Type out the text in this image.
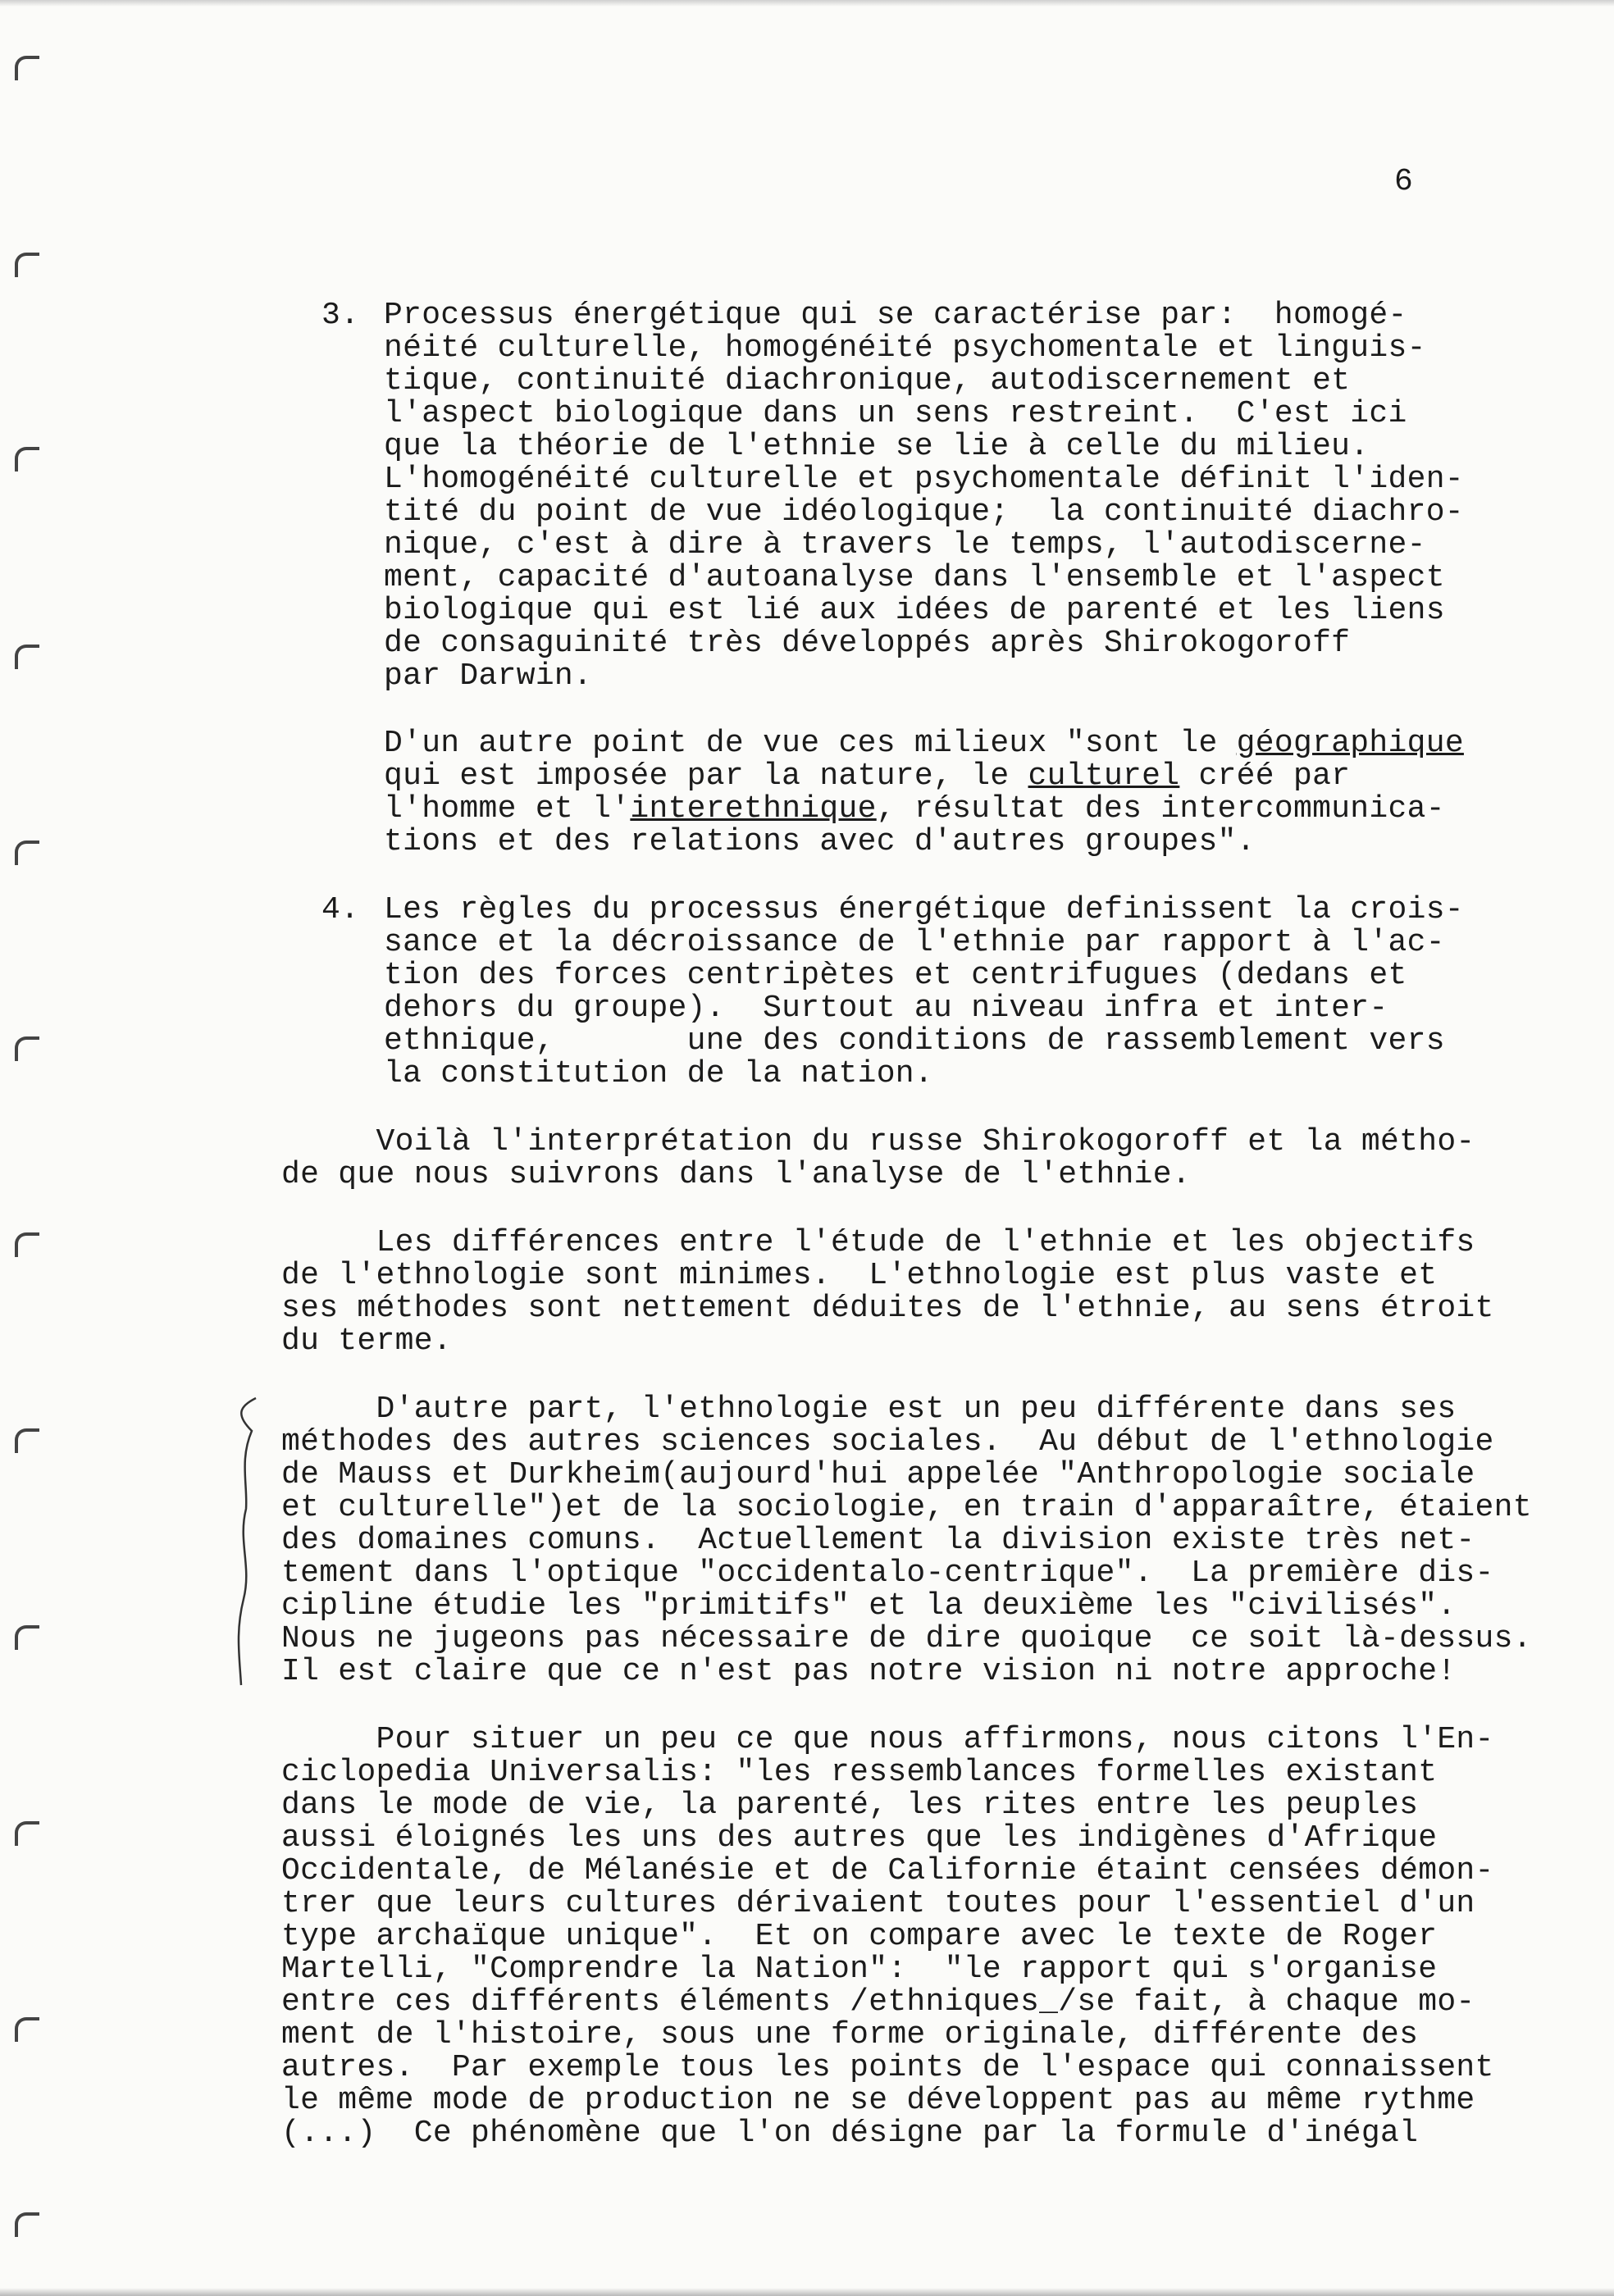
6
3. Processus énergétique qui se caractérise par:  homogé-
néité culturelle, homogénéité psychomentale et linguis-
tique, continuité diachronique, autodiscernement et
l'aspect biologique dans un sens restreint.  C'est ici
que la théorie de l'ethnie se lie à celle du milieu.
L'homogénéité culturelle et psychomentale définit l'iden-
tité du point de vue idéologique;  la continuité diachro-
nique, c'est à dire à travers le temps, l'autodiscerne-
ment, capacité d'autoanalyse dans l'ensemble et l'aspect
biologique qui est lié aux idées de parenté et les liens
de consaguinité très développés après Shirokogoroff
par Darwin.
D'un autre point de vue ces milieux "sont le géographique
qui est imposée par la nature, le culturel créé par
l'homme et l'interethnique, résultat des intercommunica-
tions et des relations avec d'autres groupes".
4. Les règles du processus énergétique definissent la crois-
sance et la décroissance de l'ethnie par rapport à l'ac-
tion des forces centripètes et centrifugues (dedans et
dehors du groupe).  Surtout au niveau infra et inter-
ethnique,       une des conditions de rassemblement vers
la constitution de la nation.
Voilà l'interprétation du russe Shirokogoroff et la métho-
de que nous suivrons dans l'analyse de l'ethnie.
Les différences entre l'étude de l'ethnie et les objectifs
de l'ethnologie sont minimes.  L'ethnologie est plus vaste et
ses méthodes sont nettement déduites de l'ethnie, au sens étroit
du terme.
D'autre part, l'ethnologie est un peu différente dans ses
méthodes des autres sciences sociales.  Au début de l'ethnologie
de Mauss et Durkheim(aujourd'hui appelée "Anthropologie sociale
et culturelle")et de la sociologie, en train d'apparaître, étaient
des domaines comuns.  Actuellement la division existe très net-
tement dans l'optique "occidentalo-centrique".  La première dis-
cipline étudie les "primitifs" et la deuxième les "civilisés".
Nous ne jugeons pas nécessaire de dire quoique  ce soit là-dessus.
Il est claire que ce n'est pas notre vision ni notre approche!
Pour situer un peu ce que nous affirmons, nous citons l'En-
ciclopedia Universalis: "les ressemblances formelles existant
dans le mode de vie, la parenté, les rites entre les peuples
aussi éloignés les uns des autres que les indigènes d'Afrique
Occidentale, de Mélanésie et de Californie étaint censées démon-
trer que leurs cultures dérivaient toutes pour l'essentiel d'un
type archaïque unique".  Et on compare avec le texte de Roger
Martelli, "Comprendre la Nation":  "le rapport qui s'organise
entre ces différents éléments /ethniques_/se fait, à chaque mo-
ment de l'histoire, sous une forme originale, différente des
autres.  Par exemple tous les points de l'espace qui connaissent
le même mode de production ne se développent pas au même rythme
(...)  Ce phénomène que l'on désigne par la formule d'inégal
